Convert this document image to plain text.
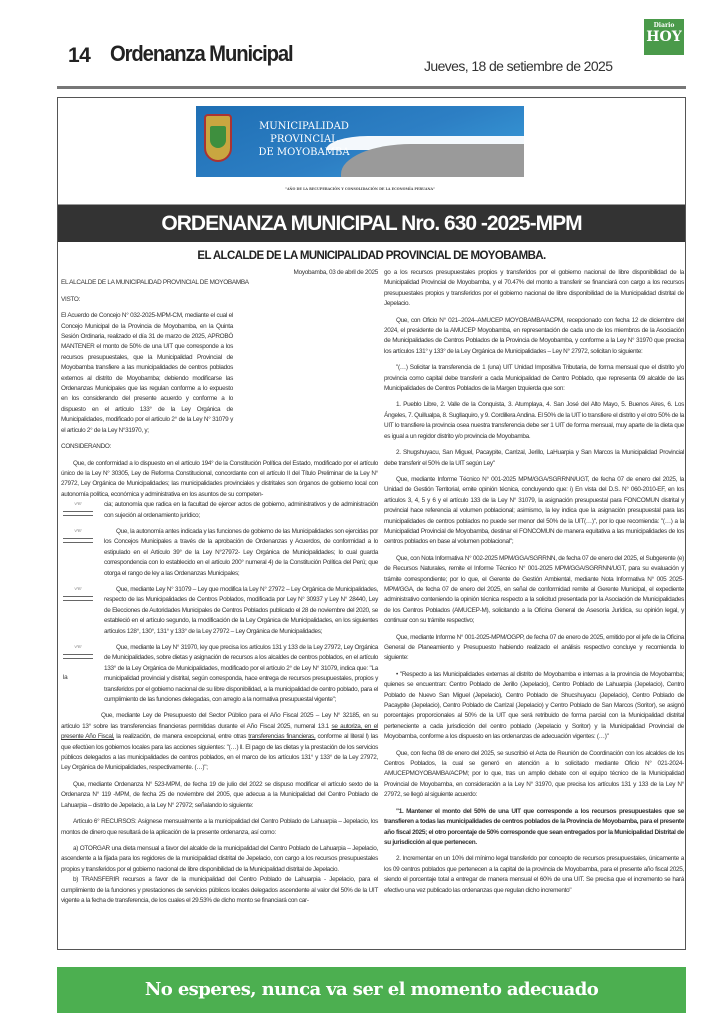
14 Ordenanza Municipal	Jueves, 18 de setiembre de 2025
Diario
HOY
MUNICIPALIDAD PROVINCIAL
DE MOYOBAMBA
"AÑO DE LA RECUPERACIÓN Y CONSOLIDACIÓN DE LA ECONOMÍA PERUANA"
ORDENANZA MUNICIPAL Nro. 630 -2025-MPM
EL ALCALDE DE LA MUNICIPALIDAD PROVINCIAL DE MOYOBAMBA.

Moyobamba, 03 de abril de 2025

EL ALCALDE DE LA MUNICIPALIDAD PROVINCIAL DE MOYOBAMBA

VISTO:

El Acuerdo de Concejo N° 032-2025-MPM-CM, mediante el cual el Concejo Municipal de la Provincia de Moyobamba, en la Quinta Sesión Ordinaria, realizado el día 31 de marzo de 2025, APROBÓ MANTENER el monto de 50% de una UIT que corresponde a los recursos presupuestales, que la Municipalidad Provincial de Moyobamba transfiere a las municipalidades de centros poblados externos al distrito de Moyobamba; debiendo modificarse las Ordenanzas Municipales que las regulan conforme a lo expuesto en los considerando del presente acuerdo y conforme a lo dispuesto en el artículo 133° de la Ley Orgánica de Municipalidades, modificado por el artículo 2° de la Ley N° 31079 y el artículo 2° de la Ley N°31970, y;

CONSIDERANDO:

Que, de conformidad a lo dispuesto en el artículo 194° de la Constitución Política del Estado, modificado por el artículo único de la Ley N° 30305, Ley de Reforma Constitucional, concordante con el artículo II del Título Preliminar de la Ley N° 27972, Ley Orgánica de Municipalidades; las municipalidades provinciales y distritales son órganos de gobierno local con autonomía política, económica y administrativa en los asuntos de su competen-

V°B°	cia; autonomía que radica en la facultad de ejercer actos de gobierno, administrativos y de administración con sujeción al ordenamiento jurídico;

V°B°	Que, la autonomía antes indicada y las funciones de gobierno de las Municipalidades son ejercidas por los Concejos Municipales a través de la aprobación de Ordenanzas y Acuerdos, de conformidad a lo estipulado en el Artículo 39° de la Ley N°27972- Ley Orgánica de Municipalidades; lo cual guarda correspondencia con lo establecido en el artículo 200° numeral 4) de la Constitución Política del Perú; que otorga el rango de ley a las Ordenanzas Municipales;

V°B°	Que, mediante Ley N° 31079 – Ley que modifica la Ley N° 27972 – Ley Orgánica de Municipalidades, respecto de las Municipalidades de Centros Poblados, modificada por Ley N° 30937 y Ley N° 28440, Ley de Elecciones de Autoridades Municipales de Centros Poblados publicado el 28 de noviembre del 2020, se estableció en el artículo segundo, la modificación de la Ley Orgánica de Municipalidades, en los siguientes artículos 128°, 130°, 131° y 133° de la Ley 27972 – Ley Orgánica de Municipalidades;

V°B°
la
Que, mediante la Ley N° 31970, ley que precisa los artículos 131 y 133 de la Ley 27972, Ley Orgánica de Municipalidades, sobre dietas y asignación de recursos a los alcaldes de centros poblados, en el artículo 133° de la Ley Orgánica de Municipalidades, modificado por el artículo 2° de Ley N° 31079, indica que: "La municipalidad provincial y distrital, según corresponda, hace entrega de recursos presupuestales, propios y transferidos por el gobierno nacional de su libre disponibilidad, a la municipalidad de centro poblado, para el cumplimiento de las funciones delegadas, con arreglo a la normativa presupuestal vigente";

Que, mediante Ley de Presupuesto del Sector Público para el Año Fiscal 2025 – Ley N° 32185, en su artículo 13° sobre las transferencias financieras permitidas durante el Año Fiscal 2025, numeral 13.1 se autoriza, en el presente Año Fiscal, la realización, de manera excepcional, entre otras transferencias financieras, conforme al literal l) las que efectúen los gobiernos locales para las acciones siguientes: "(…) ll. El pago de las dietas y la prestación de los servicios públicos delegados a las municipalidades de centros poblados, en el marco de los artículos 131° y 133° de la Ley 27972, Ley Orgánica de Municipalidades, respectivamente. (…)";

Que, mediante Ordenanza N° 523-MPM, de fecha 19 de julio del 2022 se dispuso modificar el artículo sexto de la Ordenanza N° 119 -MPM, de fecha 25 de noviembre del 2005, que adecua a la Municipalidad del Centro Poblado de Lahuarpia – distrito de Jepelacio, a la Ley N° 27972; señalando lo siguiente:

Artículo 6° RECURSOS: Asígnese mensualmente a la municipalidad del Centro Poblado de Lahuarpia – Jepelacio, los montos de dinero que resultará de la aplicación de la presente ordenanza, así como:

a) OTORGAR una dieta mensual a favor del alcalde de la municipalidad del Centro Poblado de Lahuarpia – Jepelacio, ascendente a la fijada para los regidores de la municipalidad distrital de Jepelacio, con cargo a los recursos presupuestales propios y transferidos por el gobierno nacional de libre disponibilidad de la Municipalidad distrital de Jepelacio.

b) TRANSFERIR recursos a favor de la municipalidad del Centro Poblado de Lahuarpia - Jepelacio, para el cumplimiento de la funciones y prestaciones de servicios públicos locales delegados ascendente al valor del 50% de la UIT vigente a la fecha de transferencia, de los cuales el 29.53% de dicho monto se financiará con car-

go a los recursos presupuestales propios y transferidos por el gobierno nacional de libre disponibilidad de la Municipalidad Provincial de Moyobamba, y el 70.47% del monto a transferir se financiará con cargo a los recursos presupuestales propios y transferidos por el gobierno nacional de libre disponibilidad de la Municipalidad distrital de Jepelacio.

Que, con Oficio N° 021–2024–AMUCEP MOYOBAMBA/ACPM, recepcionado con fecha 12 de diciembre del 2024, el presidente de la AMUCEP Moyobamba, en representación de cada uno de los miembros de la Asociación de Municipalidades de Centros Poblados de la Provincia de Moyobamba, y conforme a la Ley N° 31970 que precisa los artículos 131° y 133° de la Ley Orgánica de Municipalidades – Ley N° 27972, solicitan lo siguiente:

"(…) Solicitar la transferencia de 1 (una) UIT Unidad Impositiva Tributaria, de forma mensual que el distrito y/o provincia como capital debe transferir a cada Municipalidad de Centro Poblado, que representa 09 alcalde de las Municipalidades de Centros Poblados de la Margen Izquierda que son:

1. Pueblo Libre, 2. Valle de la Conquista, 3. Atumplaya, 4. San José del Alto Mayo, 5. Buenos Aires, 6. Los Ángeles, 7. Quillualpa, 8. Sugllaquiro, y 9. Cordillera Andina. El 50% de la UIT lo transfiere el distrito y el otro 50% de la UIT lo transfiere la provincia osea nuestra transferencia debe ser 1 UIT de forma mensual, muy aparte de la dieta que es igual a un regidor distrito y/o provincia de Moyobamba.

2. Shugshuyacu, San Miguel, Pacaypite, Carrizal, Jerillo, LaHuarpia y San Marcos la Municipalidad Provincial debe transferir el 50% de la UIT según Ley"

Que, mediante Informe Técnico N° 001-2025 MPM/GGA/SGRRNN/UGT, de fecha 07 de enero del 2025, la Unidad de Gestión Territorial, emite opinión técnica, concluyendo que: i) En vista del D.S. N° 060-2010-EF, en los artículos 3, 4, 5 y 6 y el artículo 133 de la Ley N° 31079, la asignación presupuestal para FONCOMUN distrital y provincial hace referencia al volumen poblacional; asimismo, la ley indica que la asignación presupuestal para las municipalidades de centros poblados no puede ser menor del 50% de la UIT(…)", por lo que recomienda: "(…) a la Municipalidad Provincial de Moyobamba, destinar el FONCOMUN de manera equitativa a las municipalidades de los centros poblados en base al volumen poblacional";

Que, con Nota Informativa N° 002-2025 MPM/GGA/SGRRNN, de fecha 07 de enero del 2025, el Subgerente (e) de Recursos Naturales, remite el Informe Técnico N° 001-2025 MPM/GGA/SGRRNN/UGT, para su evaluación y trámite correspondiente; por lo que, el Gerente de Gestión Ambiental, mediante Nota Informativa N° 005 2025-MPM/GGA, de fecha 07 de enero del 2025, en señal de conformidad remite al Gerente Municipal, el expediente administrativo conteniendo la opinión técnica respecto a la solicitud presentada por la Asociación de Municipalidades de los Centros Poblados (AMUCEP-M), solicitando a la Oficina General de Asesoría Jurídica, su opinión legal, y continuar con su trámite respectivo;

Que, mediante Informe N° 001-2025-MPM/OGPP, de fecha 07 de enero de 2025, emitido por el jefe de la Oficina General de Planeamiento y Presupuesto habiendo realizado el análisis respectivo concluye y recomienda lo siguiente:

• "Respecto a las Municipalidades externas al distrito de Moyobamba e internas a la provincia de Moyobamba; quienes se encuentran: Centro Poblado de Jerillo (Jepelacio), Centro Poblado de Lahuarpia (Jepelacio), Centro Poblado de Nuevo San Miguel (Jepelacio), Centro Poblado de Shucshuyacu (Jepelacio), Centro Poblado de Pacaypite (Jepelacio), Centro Poblado de Carrizal (Jepelacio) y Centro Poblado de San Marcos (Soritor), se asignó porcentajes proporcionales al 50% de la UIT que será retribuido de forma parcial con la Municipalidad distrital perteneciente a cada jurisdicción del centro poblado (Jepelacio y Soritor) y la Municipalidad Provincial de Moyobamba, conforme a los dispuesto en las ordenanzas de adecuación vigentes: (…)"

Que, con fecha 08 de enero del 2025, se suscribió el Acta de Reunión de Coordinación con los alcaldes de los Centros Poblados, la cual se generó en atención a lo solicitado mediante Oficio N° 021-2024-AMUCEPMOYOBAMBA/ACPM; por lo que, tras un amplio debate con el equipo técnico de la Municipalidad Provincial de Moyobamba, en consideración a la Ley N° 31970, que precisa los artículos 131 y 133 de la Ley N° 27972, se llegó al siguiente acuerdo:

"1. Mantener el monto del 50% de una UIT que corresponde a los recursos presupuestales que se transfieren a todas las municipalidades de centros poblados de la Provincia de Moyobamba, para el presente año fiscal 2025; el otro porcentaje de 50% corresponde que sean entregados por la Municipalidad Distrital de su jurisdicción al que pertenecen.

2. Incrementar en un 10% del mínimo legal transferido por concepto de recursos presupuestales, únicamente a los 09 centros poblados que pertenecen a la capital de la provincia de Moyobamba, para el presente año fiscal 2025, siendo el porcentaje total a entregar de manera mensual el 60% de una UIT. Se precisa que el incremento se hará efectivo una vez publicado las ordenanzas que regulan dicho incremento"

No esperes, nunca va ser el momento adecuado
